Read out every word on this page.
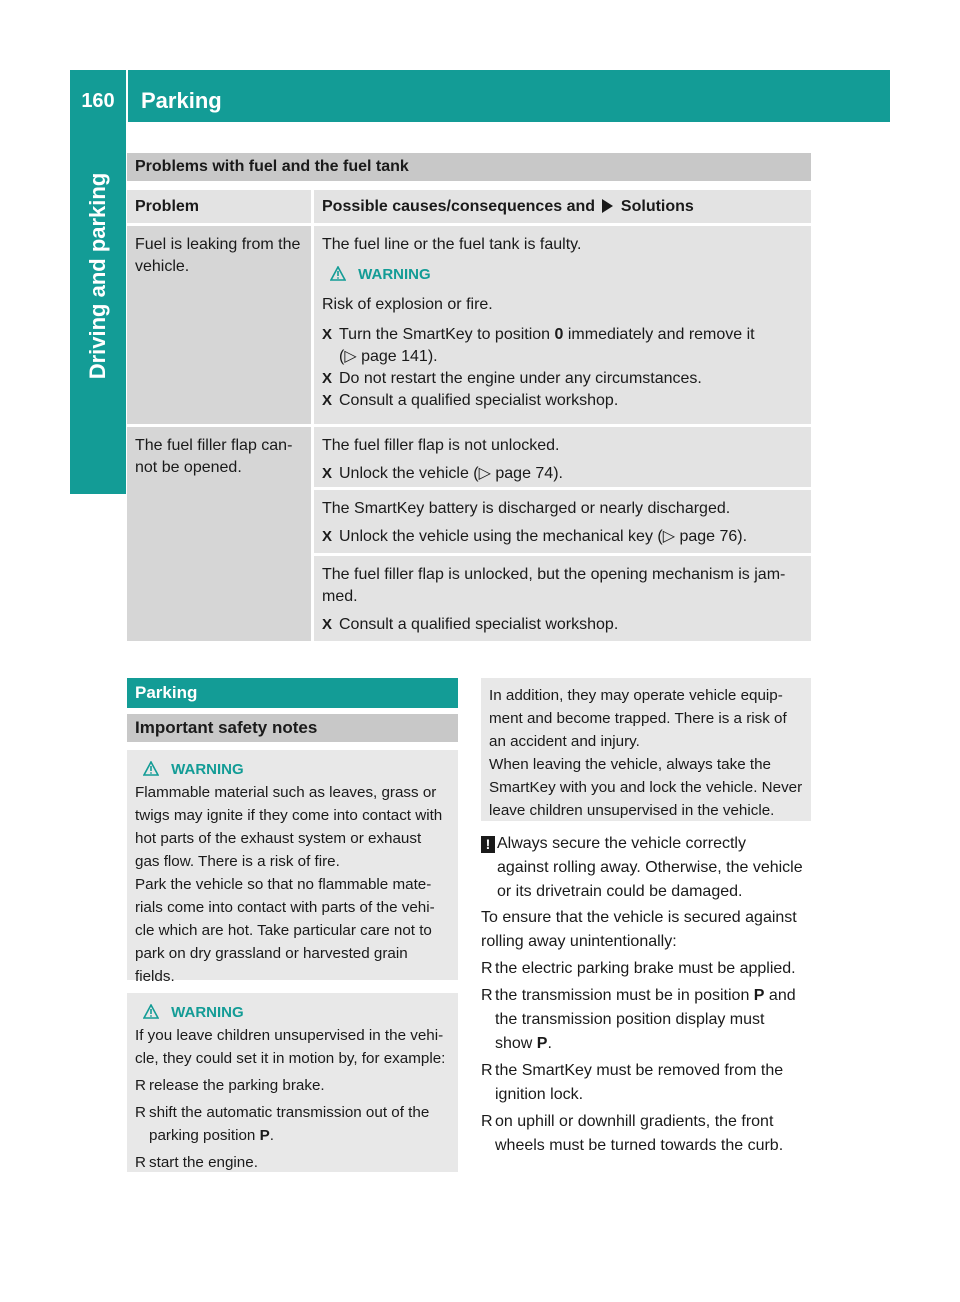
160	Parking
Driving and parking
Problems with fuel and the fuel tank
Problem	Possible causes/consequences and Solutions
Fuel is leaking from the
vehicle.
The fuel line or the fuel tank is faulty.
WARNING
Risk of explosion or fire.
X Turn the SmartKey to position 0 immediately and remove it
(▷ page 141).
X Do not restart the engine under any circumstances.
X Consult a qualified specialist workshop.
The fuel filler flap can-
not be opened.
The fuel filler flap is not unlocked.
X Unlock the vehicle (▷ page 74).
The SmartKey battery is discharged or nearly discharged.
X Unlock the vehicle using the mechanical key (▷ page 76).
The fuel filler flap is unlocked, but the opening mechanism is jam-
med.
X Consult a qualified specialist workshop.
Parking
Important safety notes
WARNING
Flammable material such as leaves, grass or
twigs may ignite if they come into contact with
hot parts of the exhaust system or exhaust
gas flow. There is a risk of fire.
Park the vehicle so that no flammable mate-
rials come into contact with parts of the vehi-
cle which are hot. Take particular care not to
park on dry grassland or harvested grain
fields.
WARNING
If you leave children unsupervised in the vehi-
cle, they could set it in motion by, for example:
R release the parking brake.
R shift the automatic transmission out of the
parking position P.
R start the engine.
In addition, they may operate vehicle equip-
ment and become trapped. There is a risk of
an accident and injury.
When leaving the vehicle, always take the
SmartKey with you and lock the vehicle. Never
leave children unsupervised in the vehicle.
! Always secure the vehicle correctly
against rolling away. Otherwise, the vehicle
or its drivetrain could be damaged.
To ensure that the vehicle is secured against
rolling away unintentionally:
R the electric parking brake must be applied.
R the transmission must be in position P and
the transmission position display must
show P.
R the SmartKey must be removed from the
ignition lock.
R on uphill or downhill gradients, the front
wheels must be turned towards the curb.
